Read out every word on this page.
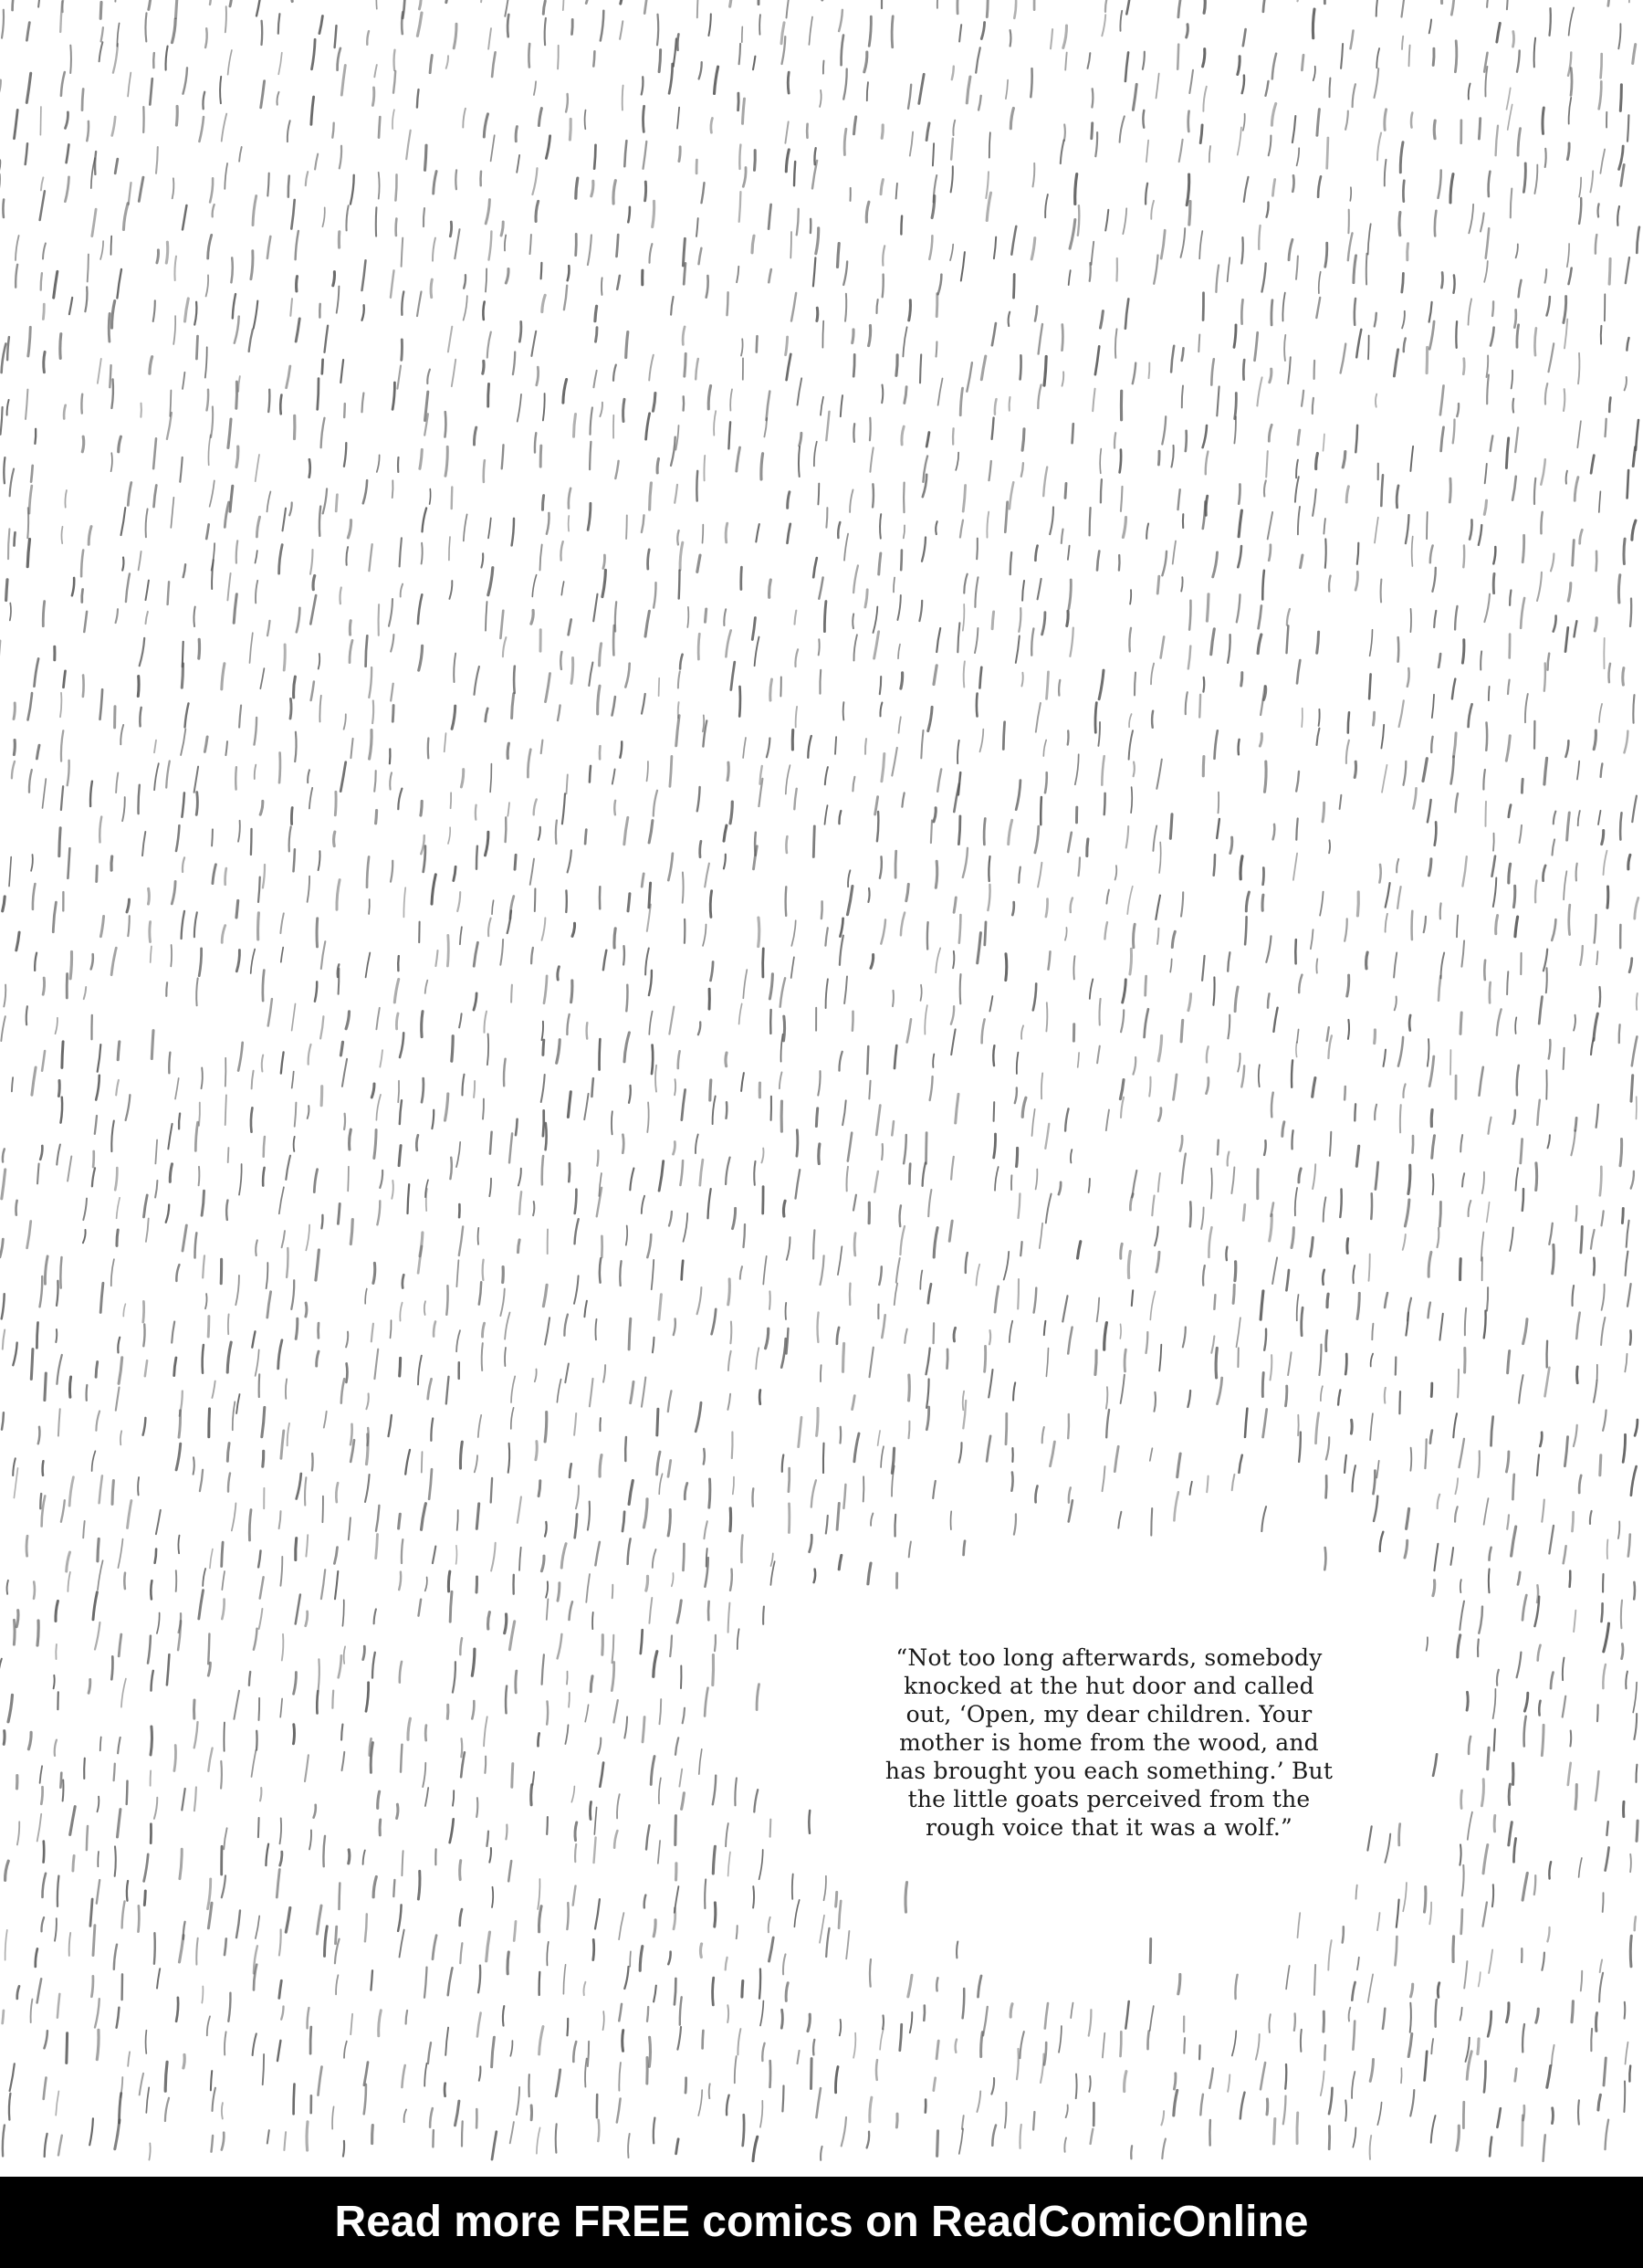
“Not too long afterwards, somebody
knocked at the hut door and called
out, ‘Open, my dear children. Your
mother is home from the wood, and
has brought you each something.’ But
the little goats perceived from the
rough voice that it was a wolf.”

Read more FREE comics on ReadComicOnline
